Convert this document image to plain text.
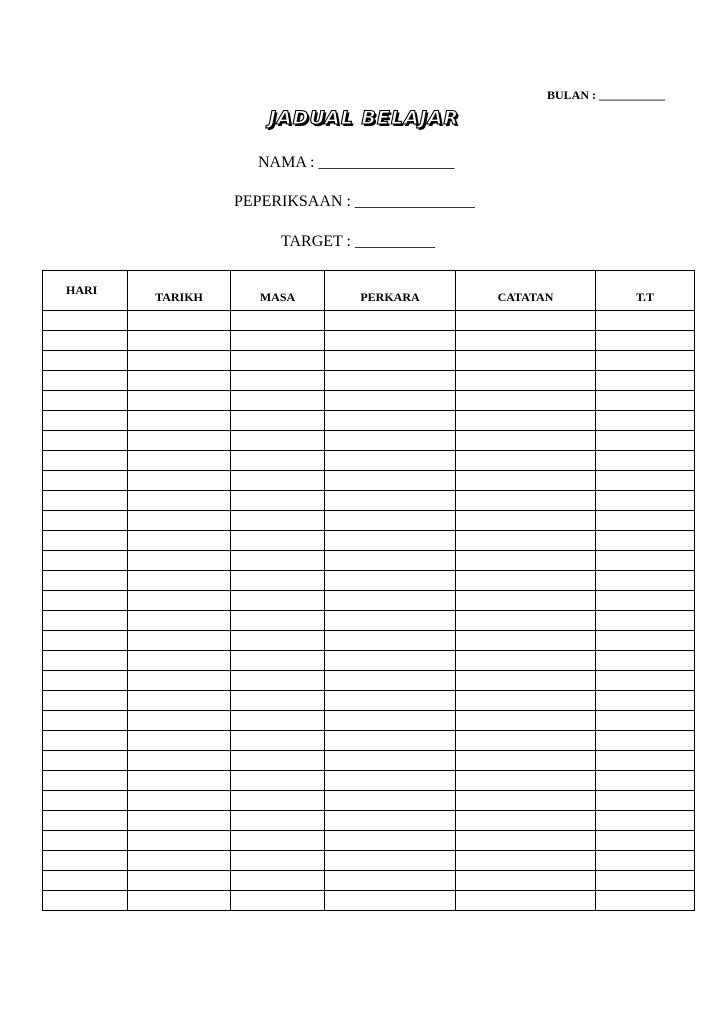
BULAN : ___________
JADUAL BELAJAR
NAMA : _________________
PEPERIKSAAN : _______________
TARGET : __________
HARI	TARIKH	MASA	PERKARA	CATATAN	T.T
